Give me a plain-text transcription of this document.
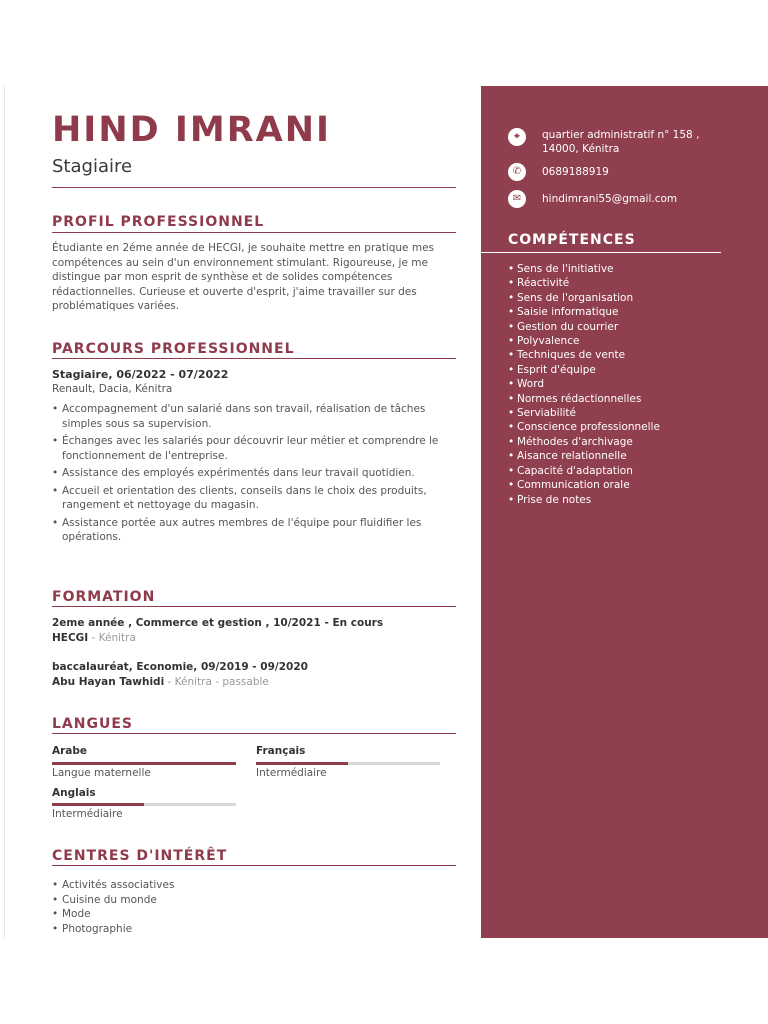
HIND IMRANI

Stagiaire

PROFIL PROFESSIONNEL

Étudiante en 2éme année de HECGI, je souhaite mettre en pratique mes compétences au sein d'un environnement stimulant. Rigoureuse, je me distingue par mon esprit de synthèse et de solides compétences rédactionnelles. Curieuse et ouverte d'esprit, j'aime travailler sur des problématiques variées.

PARCOURS PROFESSIONNEL
Stagiaire, 06/2022 - 07/2022
Renault, Dacia, Kénitra
• Accompagnement d'un salarié dans son travail, réalisation de tâches simples sous sa supervision.
• Échanges avec les salariés pour découvrir leur métier et comprendre le fonctionnement de l'entreprise.
• Assistance des employés expérimentés dans leur travail quotidien.
• Accueil et orientation des clients, conseils dans le choix des produits, rangement et nettoyage du magasin.
• Assistance portée aux autres membres de l'équipe pour fluidifier les opérations.
FORMATION
2eme année , Commerce et gestion , 10/2021 - En cours
HECGI - Kénitra
baccalauréat, Economie, 09/2019 - 09/2020
Abu Hayan Tawhidi - Kénitra - passable
LANGUES
Arabe
Langue maternelle
Français
Intermédiaire
Anglais
Intermédiaire
CENTRES D'INTÉRÊT
• Activités associatives
• Cuisine du monde
• Mode
• Photographie
⌖	quartier administratif n° 158 , 14000, Kénitra
✆	0689188919
✉	hindimrani55@gmail.com
COMPÉTENCES
• Sens de l'initiative
• Réactivité
• Sens de l'organisation
• Saisie informatique
• Gestion du courrier
• Polyvalence
• Techniques de vente
• Esprit d'équipe
• Word
• Normes rédactionnelles
• Serviabilité
• Conscience professionnelle
• Méthodes d'archivage
• Aisance relationnelle
• Capacité d'adaptation
• Communication orale
• Prise de notes
